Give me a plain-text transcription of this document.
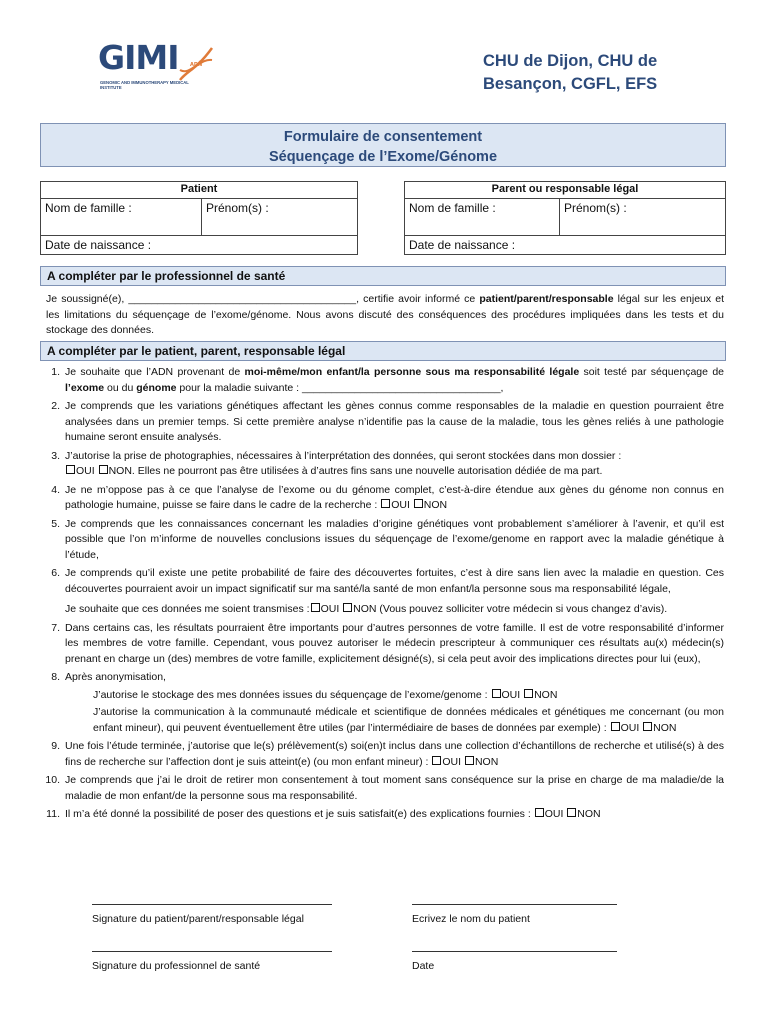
GIMI ADN
GENOMIC AND IMMUNOTHERAPY MEDICAL INSTITUTE
CHU de Dijon, CHU de
Besançon, CGFL, EFS
Formulaire de consentement
Séquençage de l’Exome/Génome
Patient
Nom de famille :	Prénom(s) :
Date de naissance :
Parent ou responsable légal
Nom de famille :	Prénom(s) :
Date de naissance :
A compléter par le professionnel de santé
Je soussigné(e), _______________________________________, certifie avoir informé ce patient/parent/responsable légal sur les enjeux et les limitations du séquençage de l’exome/génome. Nous avons discuté des conséquences des procédures impliquées dans les tests et du stockage des données.
A compléter par le patient, parent, responsable légal
1. Je souhaite que l’ADN provenant de moi-même/mon enfant/la personne sous ma responsabilité légale soit testé par séquençage de l’exome ou du génome pour la maladie suivante : __________________________________,
2. Je comprends que les variations génétiques affectant les gènes connus comme responsables de la maladie en question pourraient être analysées dans un premier temps. Si cette première analyse n’identifie pas la cause de la maladie, tous les gènes reliés à une pathologie humaine seront ensuite analysés.
3. J’autorise la prise de photographies, nécessaires à l’interprétation des données, qui seront stockées dans mon dossier :
OUI NON. Elles ne pourront pas être utilisées à d’autres fins sans une nouvelle autorisation dédiée de ma part.
4. Je ne m’oppose pas à ce que l’analyse de l’exome ou du génome complet, c’est-à-dire étendue aux gènes du génome non connus en pathologie humaine, puisse se faire dans le cadre de la recherche : OUI NON
5. Je comprends que les connaissances concernant les maladies d’origine génétiques vont probablement s’améliorer à l’avenir, et qu’il est possible que l’on m’informe de nouvelles conclusions issues du séquençage de l’exome/genome en rapport avec la maladie génétique à l’étude,
6. Je comprends qu’il existe une petite probabilité de faire des découvertes fortuites, c’est à dire sans lien avec la maladie en question. Ces découvertes pourraient avoir un impact significatif sur ma santé/la santé de mon enfant/la personne sous ma responsabilité légale,
Je souhaite que ces données me soient transmises : OUI NON (Vous pouvez solliciter votre médecin si vous changez d’avis).
7. Dans certains cas, les résultats pourraient être importants pour d’autres personnes de votre famille. Il est de votre responsabilité d’informer les membres de votre famille. Cependant, vous pouvez autoriser le médecin prescripteur à communiquer ces résultats au(x) médecin(s) prenant en charge un (des) membres de votre famille, explicitement désigné(s), si cela peut avoir des implications directes pour lui (eux),
8. Après anonymisation,
J’autorise le stockage des mes données issues du séquençage de l’exome/genome : OUI NON
J’autorise la communication à la communauté médicale et scientifique de données médicales et génétiques me concernant (ou mon enfant mineur), qui peuvent éventuellement être utiles (par l’intermédiaire de bases de données par exemple) : OUI NON
9. Une fois l’étude terminée, j’autorise que le(s) prélèvement(s) soi(en)t inclus dans une collection d’échantillons de recherche et utilisé(s) à des fins de recherche sur l’affection dont je suis atteint(e) (ou mon enfant mineur) : OUI NON
10. Je comprends que j’ai le droit de retirer mon consentement à tout moment sans conséquence sur la prise en charge de ma maladie/de la maladie de mon enfant/de la personne sous ma responsabilité.
11. Il m’a été donné la possibilité de poser des questions et je suis satisfait(e) des explications fournies : OUI NON
Signature du patient/parent/responsable légal	Ecrivez le nom du patient
Signature du professionnel de santé	Date
